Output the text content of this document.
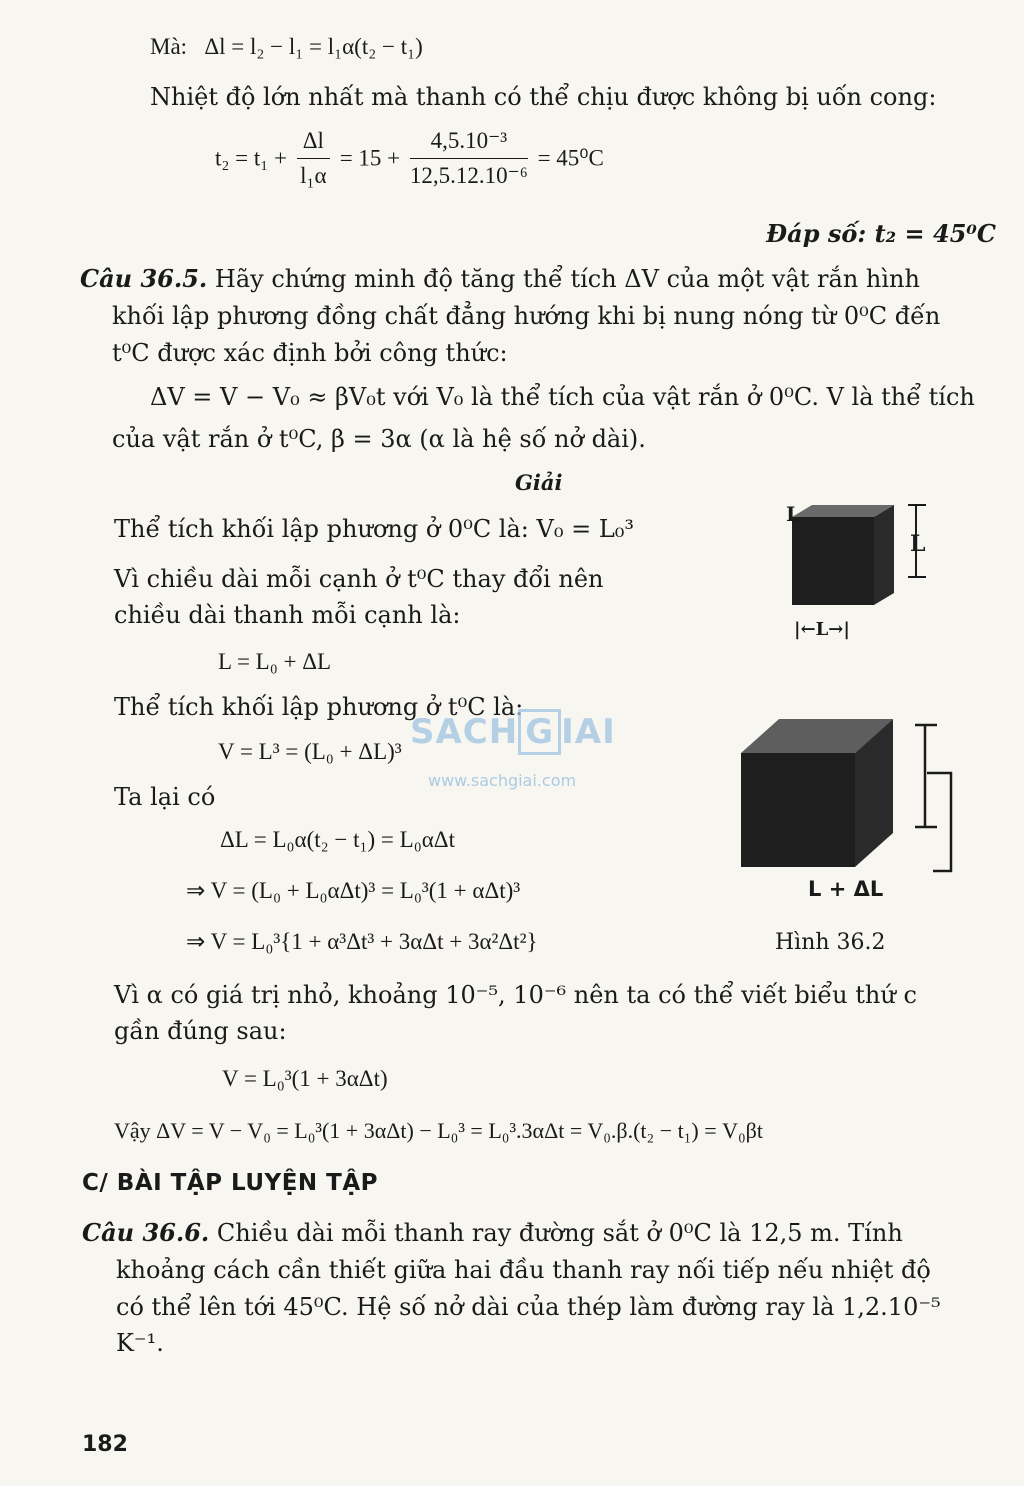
Mà: Δl = l₂ − l₁ = l₁α(t₂ − t₁)
Nhiệt độ lớn nhất mà thanh có thể chịu được không bị uốn cong:
$t_2 = t_1 + \frac{\Delta l}{\text{l₁α}} = 15 + \frac{\text{4,5.10⁻³}}{\text{12,5.12.10⁻⁶}} = 45^0C$
Đáp số: t₂ = 45⁰C
Câu 36.5. Hãy chứng minh độ tăng thể tích ΔV của một vật rắn hình
khối lập phương đồng chất đẳng hướng khi bị nung nóng từ 0⁰C đến
t⁰C được xác định bởi công thức:
ΔV = V − V₀ ≈ βV₀t với V₀ là thể tích của vật rắn ở 0⁰C. V là thể tích
của vật rắn ở t⁰C, β = 3α (α là hệ số nở dài).
Giải
Thể tích khối lập phương ở 0⁰C là: V₀ = L₀³
Vì chiều dài mỗi cạnh ở t⁰C thay đổi nên
chiều dài thanh mỗi cạnh là:
L = L₀ + ΔL
Thể tích khối lập phương ở t⁰C là:
V = L³ = (L₀ + ΔL)³
Ta lại có
ΔL = L₀α(t₂ − t₁) = L₀αΔt
⇒ V = (L₀ + L₀αΔt)³ = L₀³(1 + αΔt)³
⇒ V = L₀³{1 + α³Δt³ + 3αΔt + 3α²Δt²}
Vì α có giá trị nhỏ, khoảng 10⁻⁵, 10⁻⁶ nên ta có thể viết biểu thứ c
gần đúng sau:
V = L₀³(1 + 3αΔt)
Vậy ΔV = V − V₀ = L₀³(1 + 3αΔt) − L₀³ = L₀³.3αΔt = V₀.β.(t₂ − t₁) = V₀βt
L
L
|←L→|
L + ΔL
Hình 36.2
SACH G IAI
www.sachgiai.com
C/ BÀI TẬP LUYỆN TẬP
Câu 36.6. Chiều dài mỗi thanh ray đường sắt ở 0⁰C là 12,5 m. Tính
khoảng cách cần thiết giữa hai đầu thanh ray nối tiếp nếu nhiệt độ
có thể lên tới 45⁰C. Hệ số nở dài của thép làm đường ray là 1,2.10⁻⁵
K⁻¹.
182
